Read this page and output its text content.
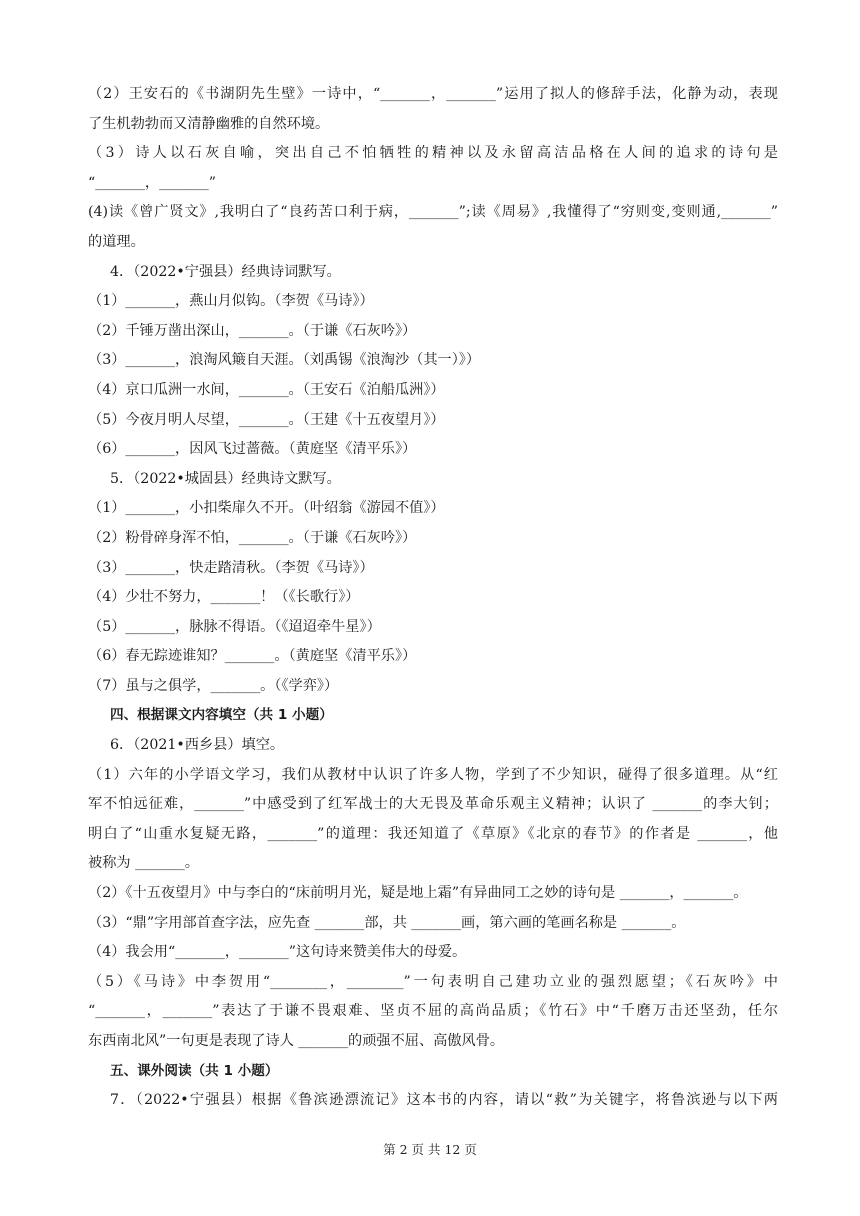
（2）王安石的《书湖阴先生壁》一诗中，“_______，_______”运用了拟人的修辞手法，化静为动，表现
了生机勃勃而又清静幽雅的自然环境。
（3）诗人以石灰自喻，突出自己不怕牺牲的精神以及永留高洁品格在人间的追求的诗句是
“_______，_______”
(4)读《曾广贤文》,我明白了“良药苦口利于病，_______”;读《周易》,我懂得了“穷则变,变则通,_______”
的道理。
4．（2022•宁强县）经典诗词默写。
（1）_______，燕山月似钩。（李贺《马诗》）
（2）千锤万凿出深山，_______。（于谦《石灰吟》）
（3）_______，浪淘风簸自天涯。（刘禹锡《浪淘沙（其一）》）
（4）京口瓜洲一水间，_______。（王安石《泊船瓜洲》）
（5）今夜月明人尽望，_______。（王建《十五夜望月》）
（6）_______，因风飞过蔷薇。（黄庭坚《清平乐》）
5．（2022•城固县）经典诗文默写。
（1）_______，小扣柴扉久不开。（叶绍翁《游园不值》）
（2）粉骨碎身浑不怕，_______。（于谦《石灰吟》）
（3）_______，快走踏清秋。（李贺《马诗》）
（4）少壮不努力，_______！（《长歌行》）
（5）_______，脉脉不得语。（《迢迢牵牛星》）
（6）春无踪迹谁知？_______。（黄庭坚《清平乐》）
（7）虽与之俱学，_______。（《学弈》）
四、根据课文内容填空（共 1 小题）
6．（2021•西乡县）填空。
（1）六年的小学语文学习，我们从教材中认识了许多人物，学到了不少知识，碰得了很多道理。从“红
军不怕远征难，_______”中感受到了红军战士的大无畏及革命乐观主义精神；认识了 _______的李大钊；
明白了“山重水复疑无路，_______”的道理：我还知道了《草原》《北京的春节》的作者是 _______，他
被称为 _______。
（2）《十五夜望月》中与李白的“床前明月光，疑是地上霜”有异曲同工之妙的诗句是 _______，_______。
（3）“鼎”字用部首查字法，应先查 _______部，共 _______画，第六画的笔画名称是 _______。
（4）我会用“_______，_______”这句诗来赞美伟大的母爱。
（5）《马诗》中李贺用“________，________”一句表明自己建功立业的强烈愿望；《石灰吟》中
“_______，_______”表达了于谦不畏艰难、坚贞不屈的高尚品质；《竹石》中“千磨万击还坚劲，任尔
东西南北风”一句更是表现了诗人 _______的顽强不屈、高傲风骨。
五、课外阅读（共 1 小题）
7．（2022•宁强县）根据《鲁滨逊漂流记》这本书的内容，请以“救”为关键字，将鲁滨逊与以下两
第 2 页 共 12 页
